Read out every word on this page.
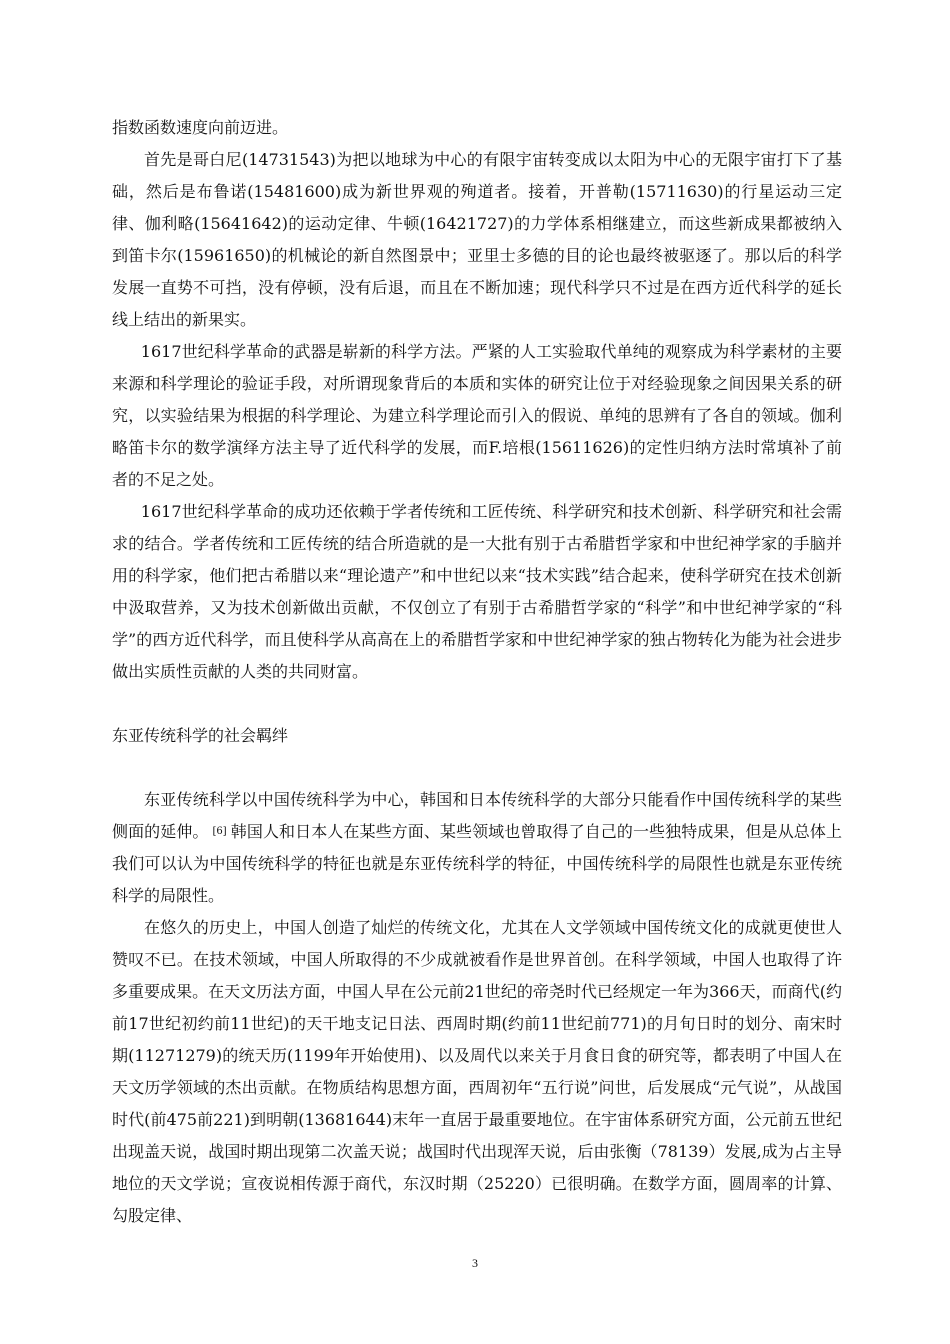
指数函数速度向前迈进。

首先是哥白尼(14731543)为把以地球为中心的有限宇宙转变成以太阳为中心的无限宇宙打下了基础，然后是布鲁诺(15481600)成为新世界观的殉道者。接着，开普勒(15711630)的行星运动三定律、伽利略(15641642)的运动定律、牛顿(16421727)的力学体系相继建立，而这些新成果都被纳入到笛卡尔(15961650)的机械论的新自然图景中；亚里士多德的目的论也最终被驱逐了。那以后的科学发展一直势不可挡，没有停顿，没有后退，而且在不断加速；现代科学只不过是在西方近代科学的延长线上结出的新果实。

1617世纪科学革命的武器是崭新的科学方法。严紧的人工实验取代单纯的观察成为科学素材的主要来源和科学理论的验证手段，对所谓现象背后的本质和实体的研究让位于对经验现象之间因果关系的研究，以实验结果为根据的科学理论、为建立科学理论而引入的假说、单纯的思辨有了各自的领域。伽利略笛卡尔的数学演绎方法主导了近代科学的发展，而F.培根(15611626)的定性归纳方法时常填补了前者的不足之处。

1617世纪科学革命的成功还依赖于学者传统和工匠传统、科学研究和技术创新、科学研究和社会需求的结合。学者传统和工匠传统的结合所造就的是一大批有别于古希腊哲学家和中世纪神学家的手脑并用的科学家，他们把古希腊以来“理论遗产”和中世纪以来“技术实践”结合起来，使科学研究在技术创新中汲取营养，又为技术创新做出贡献，不仅创立了有别于古希腊哲学家的“科学”和中世纪神学家的“科学”的西方近代科学，而且使科学从高高在上的希腊哲学家和中世纪神学家的独占物转化为能为社会进步做出实质性贡献的人类的共同财富。

东亚传统科学的社会羁绊

东亚传统科学以中国传统科学为中心，韩国和日本传统科学的大部分只能看作中国传统科学的某些侧面的延伸。 [6] 韩国人和日本人在某些方面、某些领域也曾取得了自己的一些独特成果，但是从总体上我们可以认为中国传统科学的特征也就是东亚传统科学的特征，中国传统科学的局限性也就是东亚传统科学的局限性。

在悠久的历史上，中国人创造了灿烂的传统文化，尤其在人文学领域中国传统文化的成就更使世人赞叹不已。在技术领域，中国人所取得的不少成就被看作是世界首创。在科学领域，中国人也取得了许多重要成果。在天文历法方面，中国人早在公元前21世纪的帝尧时代已经规定一年为366天，而商代(约前17世纪初约前11世纪)的天干地支记日法、西周时期(约前11世纪前771)的月旬日时的划分、南宋时期(11271279)的统天历(1199年开始使用)、以及周代以来关于月食日食的研究等，都表明了中国人在天文历学领域的杰出贡献。在物质结构思想方面，西周初年“五行说”问世，后发展成“元气说”，从战国时代(前475前221)到明朝(13681644)末年一直居于最重要地位。在宇宙体系研究方面，公元前五世纪出现盖天说，战国时期出现第二次盖天说；战国时代出现浑天说，后由张衡（78139）发展,成为占主导地位的天文学说；宣夜说相传源于商代，东汉时期（25220）已很明确。在数学方面，圆周率的计算、勾股定律、

3
